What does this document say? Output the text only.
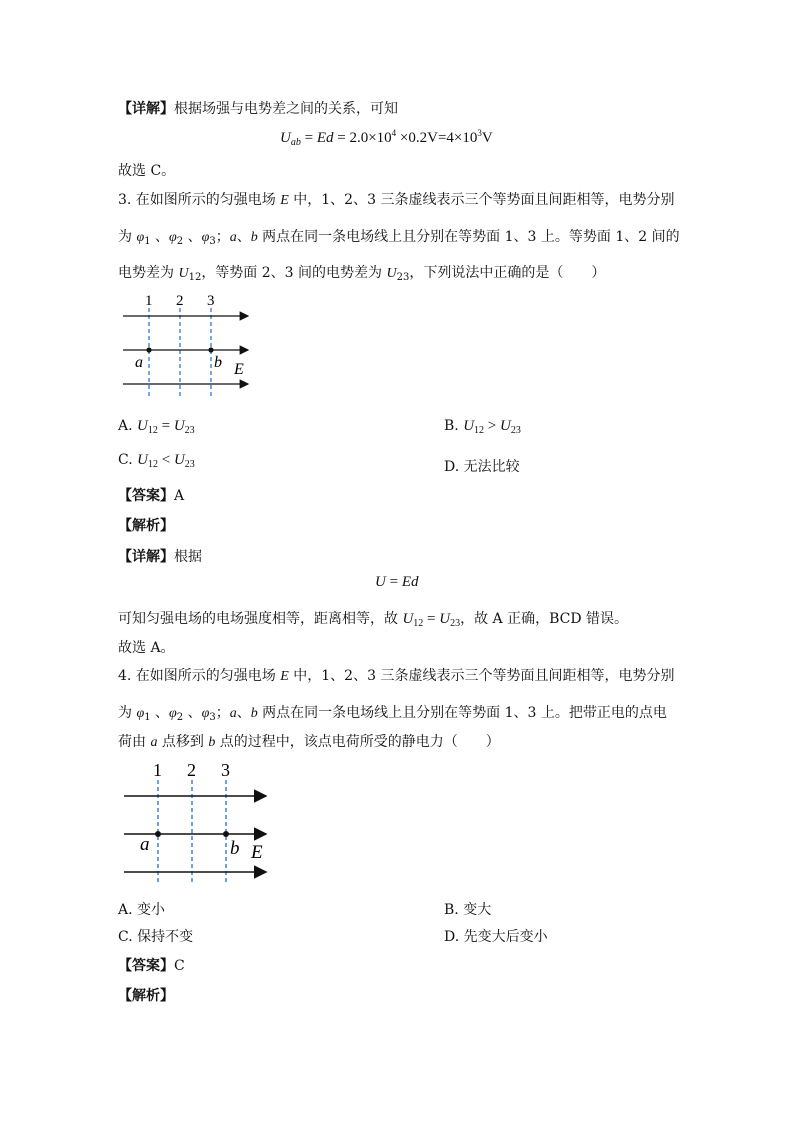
【详解】根据场强与电势差之间的关系，可知
$U_{ab} = Ed = 2.0\times 10^4 \times 0.2V=4\times 10^3V$
故选 C。
3. 在如图所示的匀强电场 E 中，1、2、3 三条虚线表示三个等势面且间距相等，电势分别
为 $\varphi_1$ 、$\varphi_2$ 、$\varphi_3$；a、b 两点在同一条电场线上且分别在等势面 1、3 上。等势面 1、2 间的
电势差为 $U_{12}$，等势面 2、3 间的电势差为 $U_{23}$，下列说法中正确的是（　　）
1 2 3
a	b E
A. $U_{12} = U_{23}$	B. $U_{12} > U_{23}$
C. $U_{12} < U_{23}$	D. 无法比较
【答案】A
【解析】
【详解】根据
U = Ed
可知匀强电场的电场强度相等，距离相等，故 $U_{12} = U_{23}$，故 A 正确，BCD 错误。
故选 A。
4. 在如图所示的匀强电场 E 中，1、2、3 三条虚线表示三个等势面且间距相等，电势分别
为 $\varphi_1$ 、$\varphi_2$ 、$\varphi_3$；a、b 两点在同一条电场线上且分别在等势面 1、3 上。把带正电的点电
荷由 a 点移到 b 点的过程中，该点电荷所受的静电力（　　）
1 2 3
a	b E
A. 变小	B. 变大
C. 保持不变	D. 先变大后变小
【答案】C
【解析】
